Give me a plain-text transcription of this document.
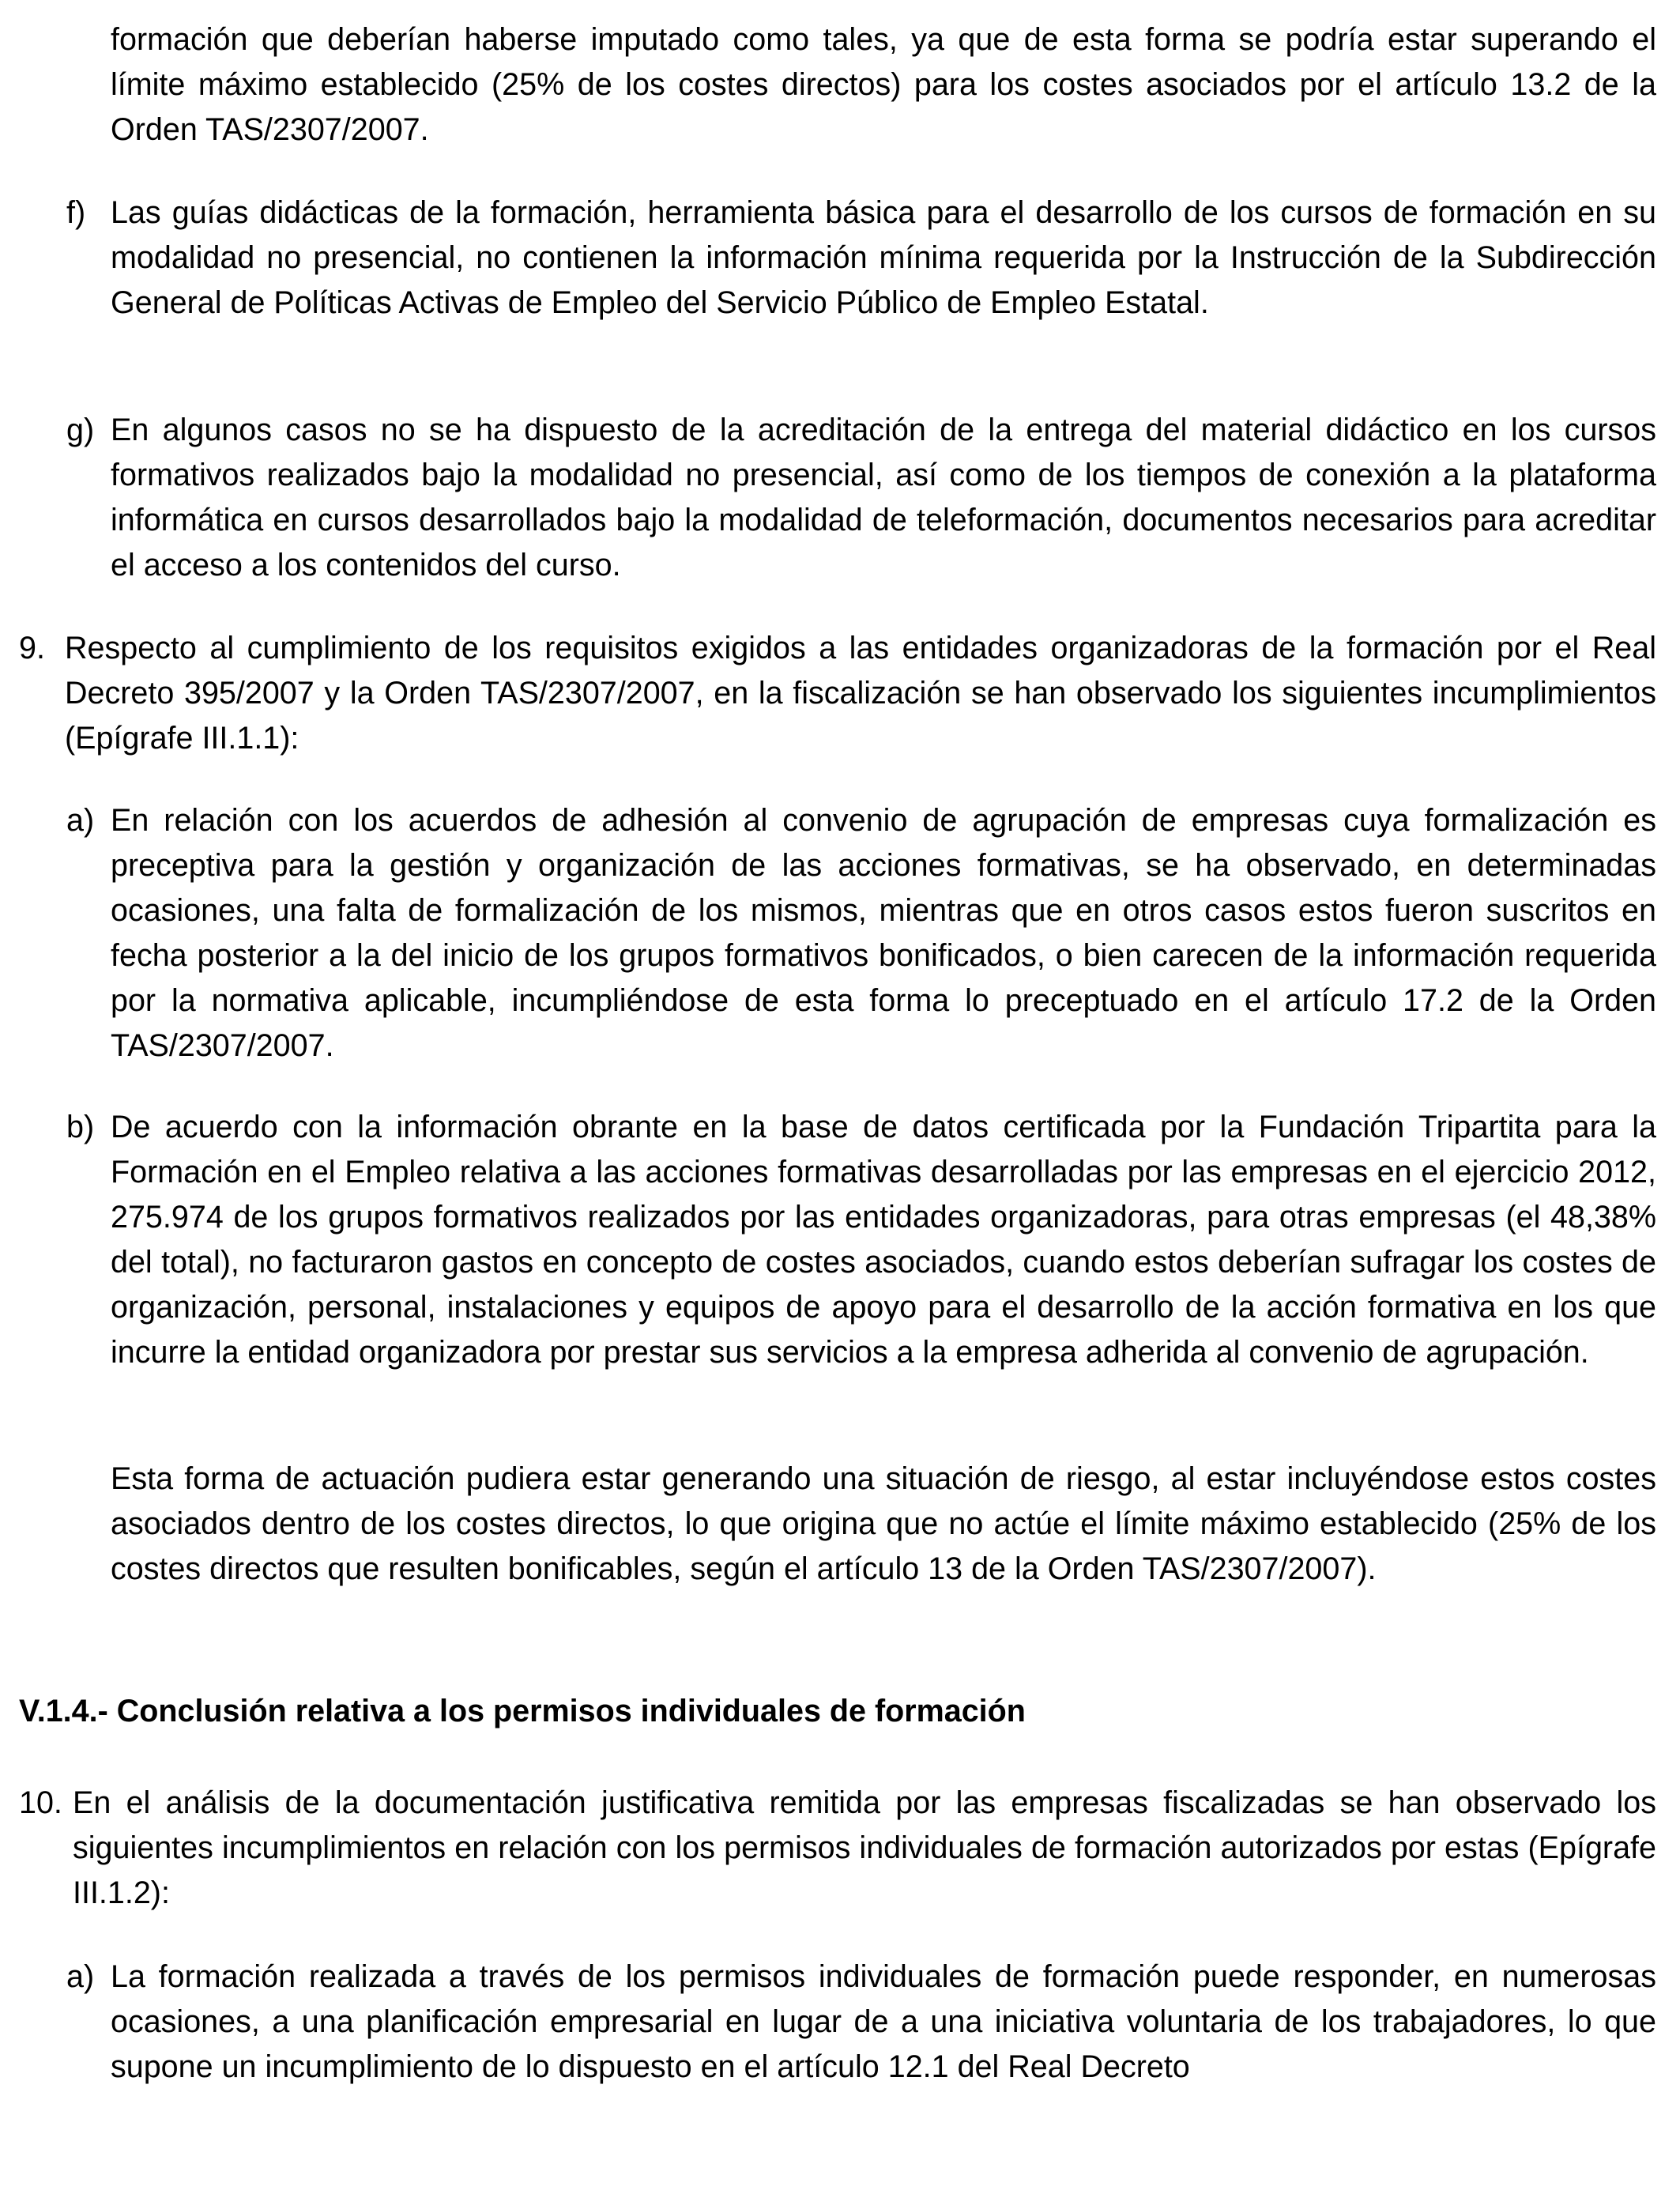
formación que deberían haberse imputado como tales, ya que de esta forma se podría estar superando el límite máximo establecido (25% de los costes directos) para los costes asociados por el artículo 13.2 de la Orden TAS/2307/2007.
f) Las guías didácticas de la formación, herramienta básica para el desarrollo de los cursos de formación en su modalidad no presencial, no contienen la información mínima requerida por la Instrucción de la Subdirección General de Políticas Activas de Empleo del Servicio Público de Empleo Estatal.
g) En algunos casos no se ha dispuesto de la acreditación de la entrega del material didáctico en los cursos formativos realizados bajo la modalidad no presencial, así como de los tiempos de conexión a la plataforma informática en cursos desarrollados bajo la modalidad de teleformación, documentos necesarios para acreditar el acceso a los contenidos del curso.
9. Respecto al cumplimiento de los requisitos exigidos a las entidades organizadoras de la formación por el Real Decreto 395/2007 y la Orden TAS/2307/2007, en la fiscalización se han observado los siguientes incumplimientos (Epígrafe III.1.1):
a) En relación con los acuerdos de adhesión al convenio de agrupación de empresas cuya formalización es preceptiva para la gestión y organización de las acciones formativas, se ha observado, en determinadas ocasiones, una falta de formalización de los mismos, mientras que en otros casos estos fueron suscritos en fecha posterior a la del inicio de los grupos formativos bonificados, o bien carecen de la información requerida por la normativa aplicable, incumpliéndose de esta forma lo preceptuado en el artículo 17.2 de la Orden TAS/2307/2007.
b) De acuerdo con la información obrante en la base de datos certificada por la Fundación Tripartita para la Formación en el Empleo relativa a las acciones formativas desarrolladas por las empresas en el ejercicio 2012, 275.974 de los grupos formativos realizados por las entidades organizadoras, para otras empresas (el 48,38% del total), no facturaron gastos en concepto de costes asociados, cuando estos deberían sufragar los costes de organización, personal, instalaciones y equipos de apoyo para el desarrollo de la acción formativa en los que incurre la entidad organizadora por prestar sus servicios a la empresa adherida al convenio de agrupación.
Esta forma de actuación pudiera estar generando una situación de riesgo, al estar incluyéndose estos costes asociados dentro de los costes directos, lo que origina que no actúe el límite máximo establecido (25% de los costes directos que resulten bonificables, según el artículo 13 de la Orden TAS/2307/2007).
V.1.4.- Conclusión relativa a los permisos individuales de formación
10. En el análisis de la documentación justificativa remitida por las empresas fiscalizadas se han observado los siguientes incumplimientos en relación con los permisos individuales de formación autorizados por estas (Epígrafe III.1.2):
a) La formación realizada a través de los permisos individuales de formación puede responder, en numerosas ocasiones, a una planificación empresarial en lugar de a una iniciativa voluntaria de los trabajadores, lo que supone un incumplimiento de lo dispuesto en el artículo 12.1 del Real Decreto
